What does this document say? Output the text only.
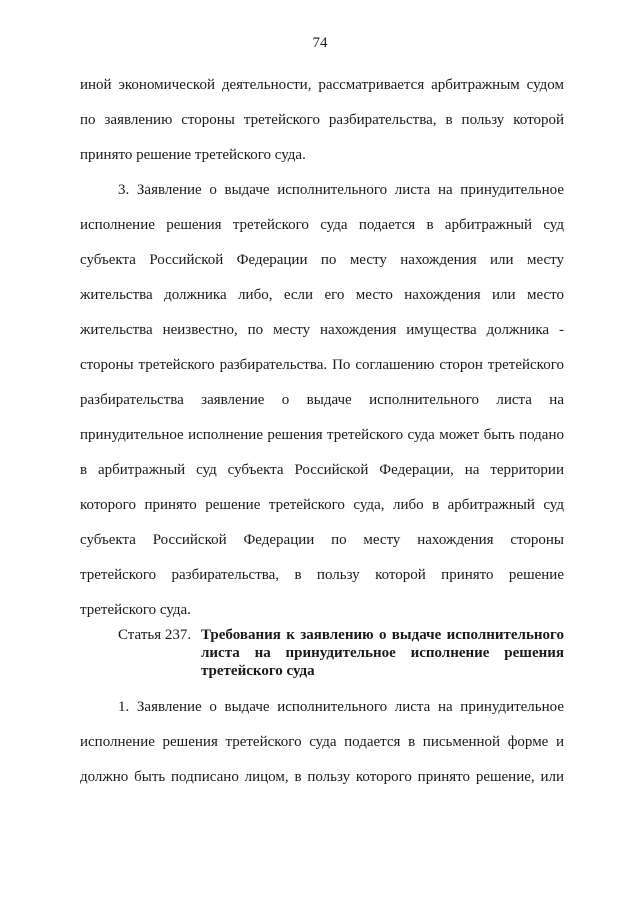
74
иной экономической деятельности, рассматривается арбитражным судом
по заявлению стороны третейского разбирательства, в пользу которой
принято решение третейского суда.
3. Заявление о выдаче исполнительного листа на принудительное
исполнение решения третейского суда подается в арбитражный суд
субъекта Российской Федерации по месту нахождения или месту
жительства должника либо, если его место нахождения или место
жительства неизвестно, по месту нахождения имущества должника -
стороны третейского разбирательства. По соглашению сторон третейского
разбирательства заявление о выдаче исполнительного листа на
принудительное исполнение решения третейского суда может быть подано
в арбитражный суд субъекта Российской Федерации, на территории
которого принято решение третейского суда, либо в арбитражный суд
субъекта Российской Федерации по месту нахождения стороны
третейского разбирательства, в пользу которой принято решение
третейского суда.
Статья 237. Требования к заявлению о выдаче исполнительного
листа на принудительное исполнение решения
третейского суда
1. Заявление о выдаче исполнительного листа на принудительное
исполнение решения третейского суда подается в письменной форме и
должно быть подписано лицом, в пользу которого принято решение, или
